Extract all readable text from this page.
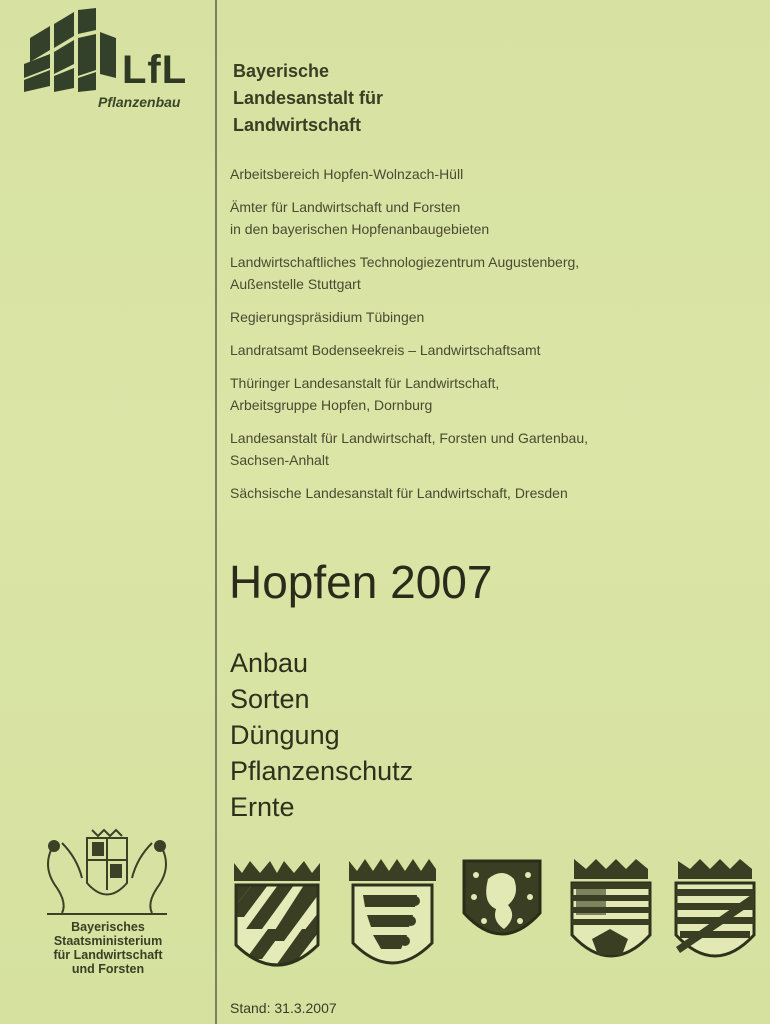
LfL
Pflanzenbau
Bayerische
Landesanstalt für
Landwirtschaft
Arbeitsbereich Hopfen-Wolnzach-Hüll
Ämter für Landwirtschaft und Forsten
in den bayerischen Hopfenanbaugebieten
Landwirtschaftliches Technologiezentrum Augustenberg,
Außenstelle Stuttgart
Regierungspräsidium Tübingen
Landratsamt Bodenseekreis – Landwirtschaftsamt
Thüringer Landesanstalt für Landwirtschaft,
Arbeitsgruppe Hopfen, Dornburg
Landesanstalt für Landwirtschaft, Forsten und Gartenbau,
Sachsen-Anhalt
Sächsische Landesanstalt für Landwirtschaft, Dresden
Hopfen 2007
Anbau
Sorten
Düngung
Pflanzenschutz
Ernte
Bayerisches
Staatsministerium
für Landwirtschaft
und Forsten
Stand: 31.3.2007
